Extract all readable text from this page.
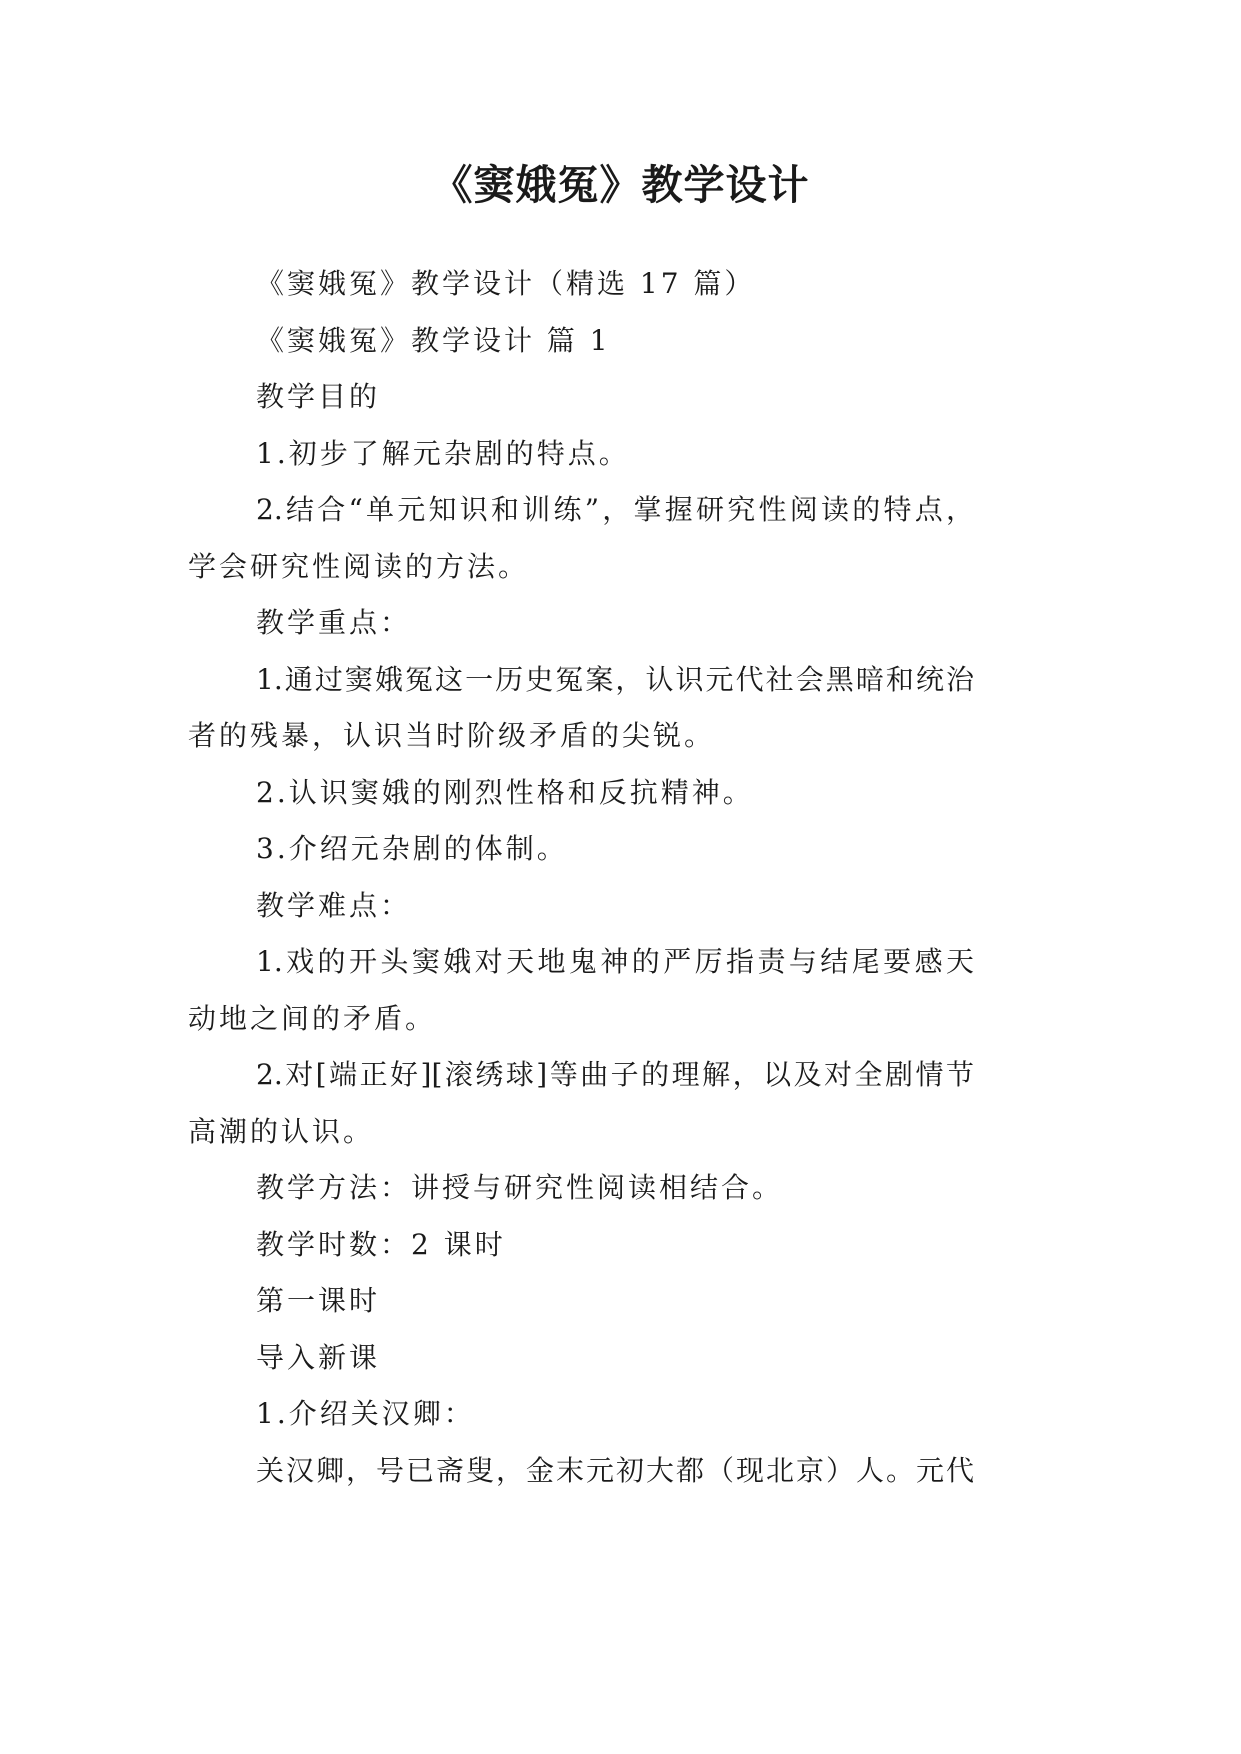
《窦娥冤》教学设计

《窦娥冤》教学设计（精选 17 篇）

《窦娥冤》教学设计 篇 1

教学目的

1.初步了解元杂剧的特点。

2.结合“单元知识和训练”，掌握研究性阅读的特点，

学会研究性阅读的方法。

教学重点：

1.通过窦娥冤这一历史冤案，认识元代社会黑暗和统治

者的残暴，认识当时阶级矛盾的尖锐。

2.认识窦娥的刚烈性格和反抗精神。

3.介绍元杂剧的体制。

教学难点：

1.戏的开头窦娥对天地鬼神的严厉指责与结尾要感天

动地之间的矛盾。

2.对[端正好][滚绣球]等曲子的理解，以及对全剧情节

高潮的认识。

教学方法：讲授与研究性阅读相结合。

教学时数：2 课时

第一课时

导入新课

1.介绍关汉卿：

关汉卿，号已斋叟，金末元初大都（现北京）人。元代
